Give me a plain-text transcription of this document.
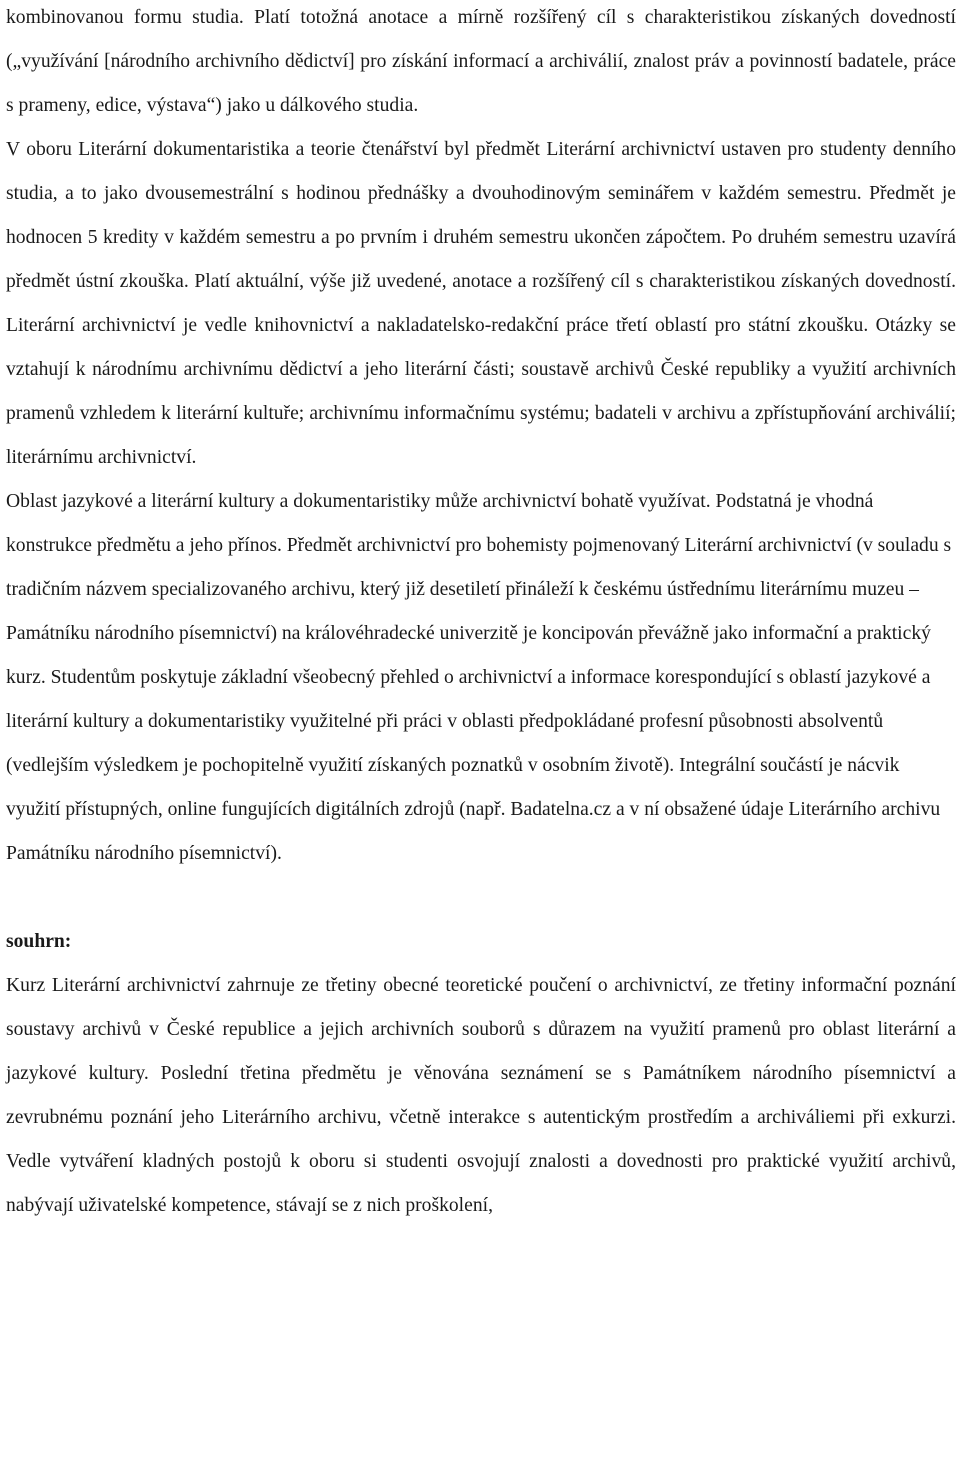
kombinovanou formu studia. Platí totožná anotace a mírně rozšířený cíl s charakteristikou získaných dovedností („využívání [národního archivního dědictví] pro získání informací a archiválií, znalost práv a povinností badatele, práce s prameny, edice, výstava“) jako u dálkového studia.

V oboru Literární dokumentaristika a teorie čtenářství byl předmět Literární archivnictví ustaven pro studenty denního studia, a to jako dvousemestrální s hodinou přednášky a dvouhodinovým seminářem v každém semestru. Předmět je hodnocen 5 kredity v každém semestru a po prvním i druhém semestru ukončen zápočtem. Po druhém semestru uzavírá předmět ústní zkouška. Platí aktuální, výše již uvedené, anotace a rozšířený cíl s charakteristikou získaných dovedností. Literární archivnictví je vedle knihovnictví a nakladatelsko-redakční práce třetí oblastí pro státní zkoušku. Otázky se vztahují k národnímu archivnímu dědictví a jeho literární části; soustavě archivů České republiky a využití archivních pramenů vzhledem k literární kultuře; archivnímu informačnímu systému; badateli v archivu a zpřístupňování archiválií; literárnímu archivnictví.

Oblast jazykové a literární kultury a dokumentaristiky může archivnictví bohatě využívat. Podstatná je vhodná konstrukce předmětu a jeho přínos. Předmět archivnictví pro bohemisty pojmenovaný Literární archivnictví (v souladu s tradičním názvem specializovaného archivu, který již desetiletí přináleží k českému ústřednímu literárnímu muzeu – Památníku národního písemnictví) na královéhradecké univerzitě je koncipován převážně jako informační a praktický kurz. Studentům poskytuje základní všeobecný přehled o archivnictví a informace korespondující s oblastí jazykové a literární kultury a dokumentaristiky využitelné při práci v oblasti předpokládané profesní působnosti absolventů (vedlejším výsledkem je pochopitelně využití získaných poznatků v osobním životě). Integrální součástí je nácvik využití přístupných, online fungujících digitálních zdrojů (např. Badatelna.cz a v ní obsažené údaje Literárního archivu Památníku národního písemnictví).

souhrn:

Kurz Literární archivnictví zahrnuje ze třetiny obecné teoretické poučení o archivnictví, ze třetiny informační poznání soustavy archivů v České republice a jejich archivních souborů s důrazem na využití pramenů pro oblast literární a jazykové kultury. Poslední třetina předmětu je věnována seznámení se s Památníkem národního písemnictví a zevrubnému poznání jeho Literárního archivu, včetně interakce s autentickým prostředím a archiváliemi při exkurzi. Vedle vytváření kladných postojů k oboru si studenti osvojují znalosti a dovednosti pro praktické využití archivů, nabývají uživatelské kompetence, stávají se z nich proškolení,
